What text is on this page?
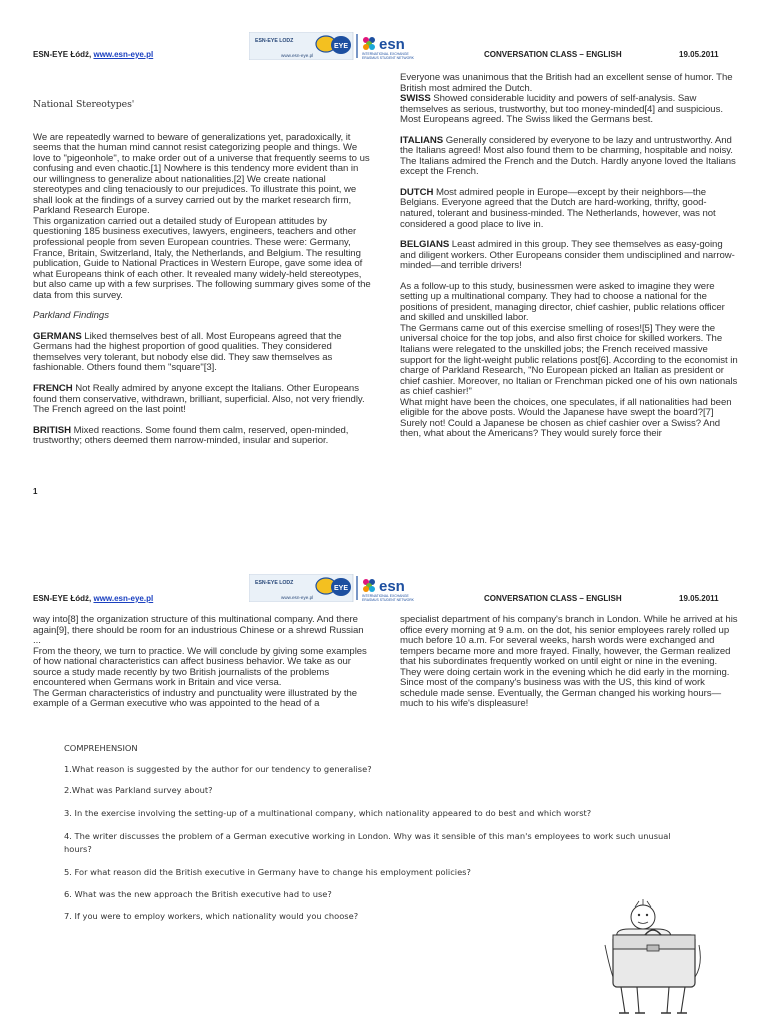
ESN-EYE Łódź, www.esn-eye.pl	CONVERSATION CLASS – ENGLISH	19.05.2011
ESN-EYE LODZ
www.esn-eye.pl
EYE esn
INTERNATIONAL EXCHANGE
ERASMUS STUDENT NETWORK

National Stereotypes'

We are repeatedly warned to beware of generalizations yet, paradoxically, it seems that the human mind cannot resist categorizing people and things. We love to "pigeonhole", to make order out of a universe that frequently seems to us confusing and even chaotic.[1] Nowhere is this tendency more evident than in our willingness to generalize about nationalities.[2] We create national stereotypes and cling tenaciously to our prejudices. To illustrate this point, we shall look at the findings of a survey carried out by the market research firm, Parkland Research Europe.

This organization carried out a detailed study of European attitudes by questioning 185 business executives, lawyers, engineers, teachers and other professional people from seven European countries. These were: Germany, France, Britain, Switzerland, Italy, the Netherlands, and Belgium. The resulting publication, Guide to National Practices in Western Europe, gave some idea of what Europeans think of each other. It revealed many widely-held stereotypes, but also came up with a few surprises. The following summary gives some of the data from this survey.

Parkland Findings

GERMANS Liked themselves best of all. Most Europeans agreed that the Germans had the highest proportion of good qualities. They considered themselves very tolerant, but nobody else did. They saw themselves as fashionable. Others found them "square"[3].

FRENCH Not Really admired by anyone except the Italians. Other Europeans found them conservative, withdrawn, brilliant, superficial. Also, not very friendly. The French agreed on the last point!

BRITISH Mixed reactions. Some found them calm, reserved, open-minded, trustworthy; others deemed them narrow-minded, insular and superior.

Everyone was unanimous that the British had an excellent sense of humor. The British most admired the Dutch.

SWISS Showed considerable lucidity and powers of self-analysis. Saw themselves as serious, trustworthy, but too money-minded[4] and suspicious. Most Europeans agreed. The Swiss liked the Germans best.

ITALIANS Generally considered by everyone to be lazy and untrustworthy. And the Italians agreed! Most also found them to be charming, hospitable and noisy. The Italians admired the French and the Dutch. Hardly anyone loved the Italians except the French.

DUTCH Most admired people in Europe—except by their neighbors—the Belgians. Everyone agreed that the Dutch are hard-working, thrifty, good-natured, tolerant and business-minded. The Netherlands, however, was not considered a good place to live in.

BELGIANS Least admired in this group. They see themselves as easy-going and diligent workers. Other Europeans consider them undisciplined and narrow-minded—and terrible drivers!

As a follow-up to this study, businessmen were asked to imagine they were setting up a multinational company. They had to choose a national for the positions of president, managing director, chief cashier, public relations officer and skilled and unskilled labor.

The Germans came out of this exercise smelling of roses![5] They were the universal choice for the top jobs, and also first choice for skilled workers. The Italians were relegated to the unskilled jobs; the French received massive support for the light-weight public relations post[6]. According to the economist in charge of Parkland Research, "No European picked an Italian as president or chief cashier. Moreover, no Italian or Frenchman picked one of his own nationals as chief cashier!"

What might have been the choices, one speculates, if all nationalities had been eligible for the above posts. Would the Japanese have swept the board?[7] Surely not! Could a Japanese be chosen as chief cashier over a Swiss? And then, what about the Americans? They would surely force their

1
ESN-EYE Łódź, www.esn-eye.pl	CONVERSATION CLASS – ENGLISH	19.05.2011
ESN-EYE LODZ
www.esn-eye.pl
EYE esn
INTERNATIONAL EXCHANGE
ERASMUS STUDENT NETWORK

way into[8] the organization structure of this multinational company. And there again[9], there should be room for an industrious Chinese or a shrewd Russian ...

From the theory, we turn to practice. We will conclude by giving some examples of how national characteristics can affect business behavior. We take as our source a study made recently by two British journalists of the problems encountered when Germans work in Britain and vice versa.

The German characteristics of industry and punctuality were illustrated by the example of a German executive who was appointed to the head of a

specialist department of his company's branch in London. While he arrived at his office every morning at 9 a.m. on the dot, his senior employees rarely rolled up much before 10 a.m. For several weeks, harsh words were exchanged and tempers became more and more frayed. Finally, however, the German realized that his subordinates frequently worked on until eight or nine in the evening. They were doing certain work in the evening which he did early in the morning. Since most of the company's business was with the US, this kind of work schedule made sense. Eventually, the German changed his working hours—much to his wife's displeasure!

COMPREHENSION
1.What reason is suggested by the author for our tendency to generalise?
2.What was Parkland survey about?
3. In the exercise involving the setting-up of a multinational company, which nationality appeared to do best and which worst?
4. The writer discusses the problem of a German executive working in London. Why was it sensible of this man's employees to work such unusual
hours?
5. For what reason did the British executive in Germany have to change his employment policies?
6. What was the new approach the British executive had to use?
7. If you were to employ workers, which nationality would you choose?
